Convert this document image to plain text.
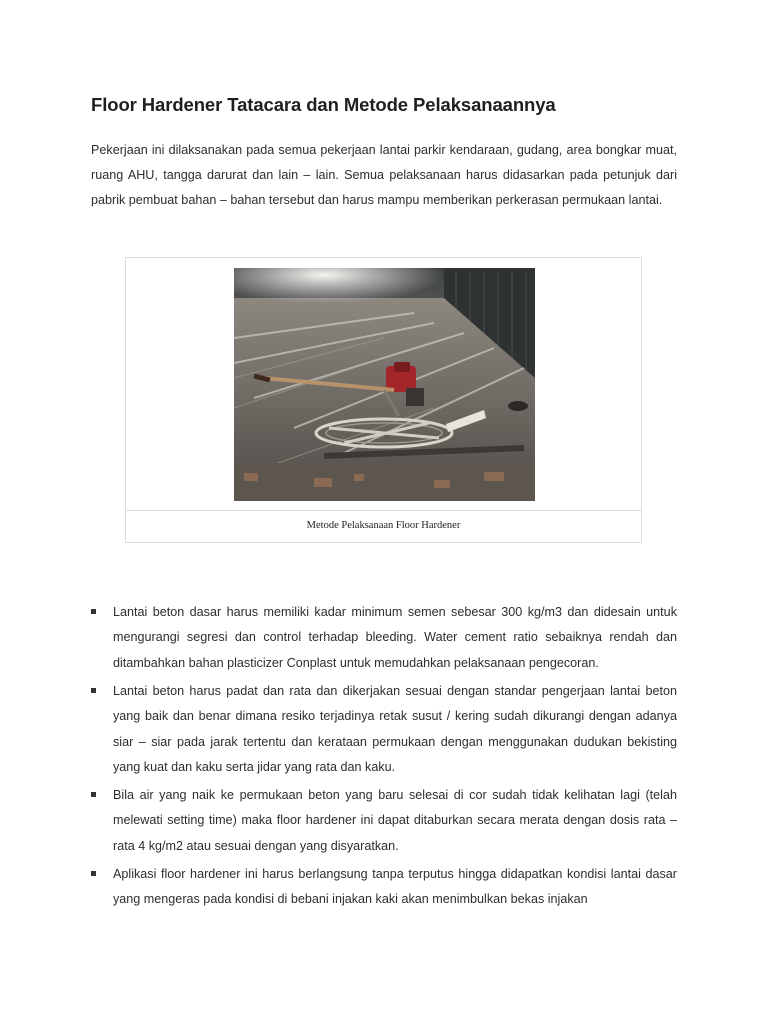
Floor Hardener Tatacara dan Metode Pelaksanaannya

Pekerjaan ini dilaksanakan pada semua pekerjaan lantai parkir kendaraan, gudang, area bongkar muat, ruang AHU, tangga darurat dan lain – lain. Semua pelaksanaan harus didasarkan pada petunjuk dari pabrik pembuat bahan – bahan tersebut dan harus mampu memberikan perkerasan permukaan lantai.

Metode Pelaksanaan Floor Hardener
Lantai beton dasar harus memiliki kadar minimum semen sebesar 300 kg/m3 dan didesain untuk mengurangi segresi dan control terhadap bleeding. Water cement ratio sebaiknya rendah dan ditambahkan bahan plasticizer Conplast untuk memudahkan pelaksanaan pengecoran.
Lantai beton harus padat dan rata dan dikerjakan sesuai dengan standar pengerjaan lantai beton yang baik dan benar dimana resiko terjadinya retak susut / kering sudah dikurangi dengan adanya siar – siar pada jarak tertentu dan kerataan permukaan dengan menggunakan dudukan bekisting yang kuat dan kaku serta jidar yang rata dan kaku.
Bila air yang naik ke permukaan beton yang baru selesai di cor sudah tidak kelihatan lagi (telah melewati setting time) maka floor hardener ini dapat ditaburkan secara merata dengan dosis rata – rata 4 kg/m2 atau sesuai dengan yang disyaratkan.
Aplikasi floor hardener ini harus berlangsung tanpa terputus hingga didapatkan kondisi lantai dasar yang mengeras pada kondisi di bebani injakan kaki akan menimbulkan bekas injakan
